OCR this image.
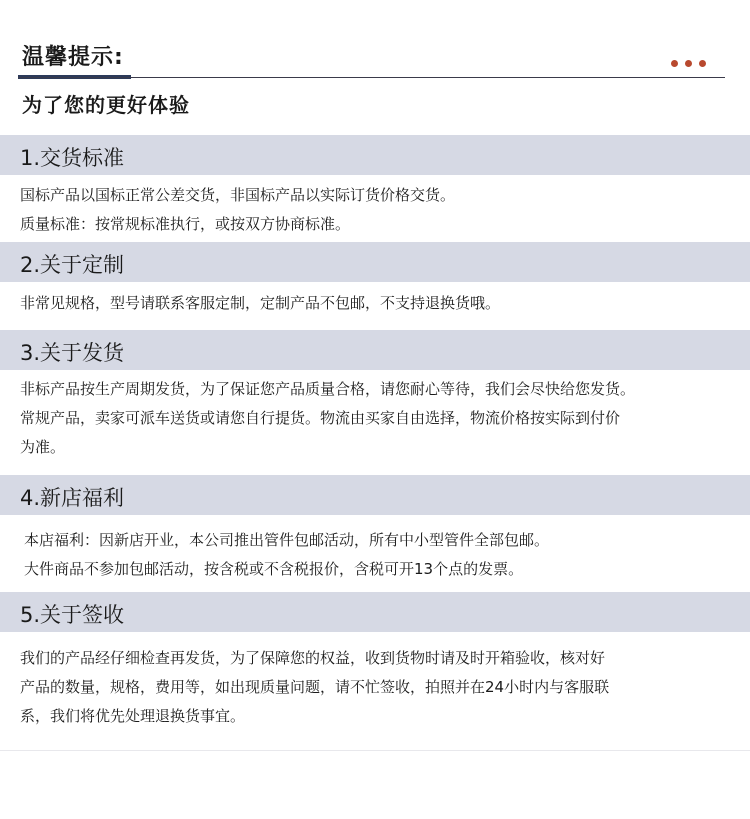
温馨提示:
为了您的更好体验
1.交货标准

国标产品以国标正常公差交货，非国标产品以实际订货价格交货。

质量标准：按常规标准执行，或按双方协商标准。

2.关于定制

非常见规格，型号请联系客服定制，定制产品不包邮，不支持退换货哦。

3.关于发货

非标产品按生产周期发货，为了保证您产品质量合格，请您耐心等待，我们会尽快给您发货。

常规产品，卖家可派车送货或请您自行提货。物流由买家自由选择，物流价格按实际到付价

为准。

4.新店福利

本店福利：因新店开业，本公司推出管件包邮活动，所有中小型管件全部包邮。

大件商品不参加包邮活动，按含税或不含税报价，含税可开13个点的发票。

5.关于签收

我们的产品经仔细检查再发货，为了保障您的权益，收到货物时请及时开箱验收，核对好

产品的数量，规格，费用等，如出现质量问题，请不忙签收，拍照并在24小时内与客服联

系，我们将优先处理退换货事宜。
